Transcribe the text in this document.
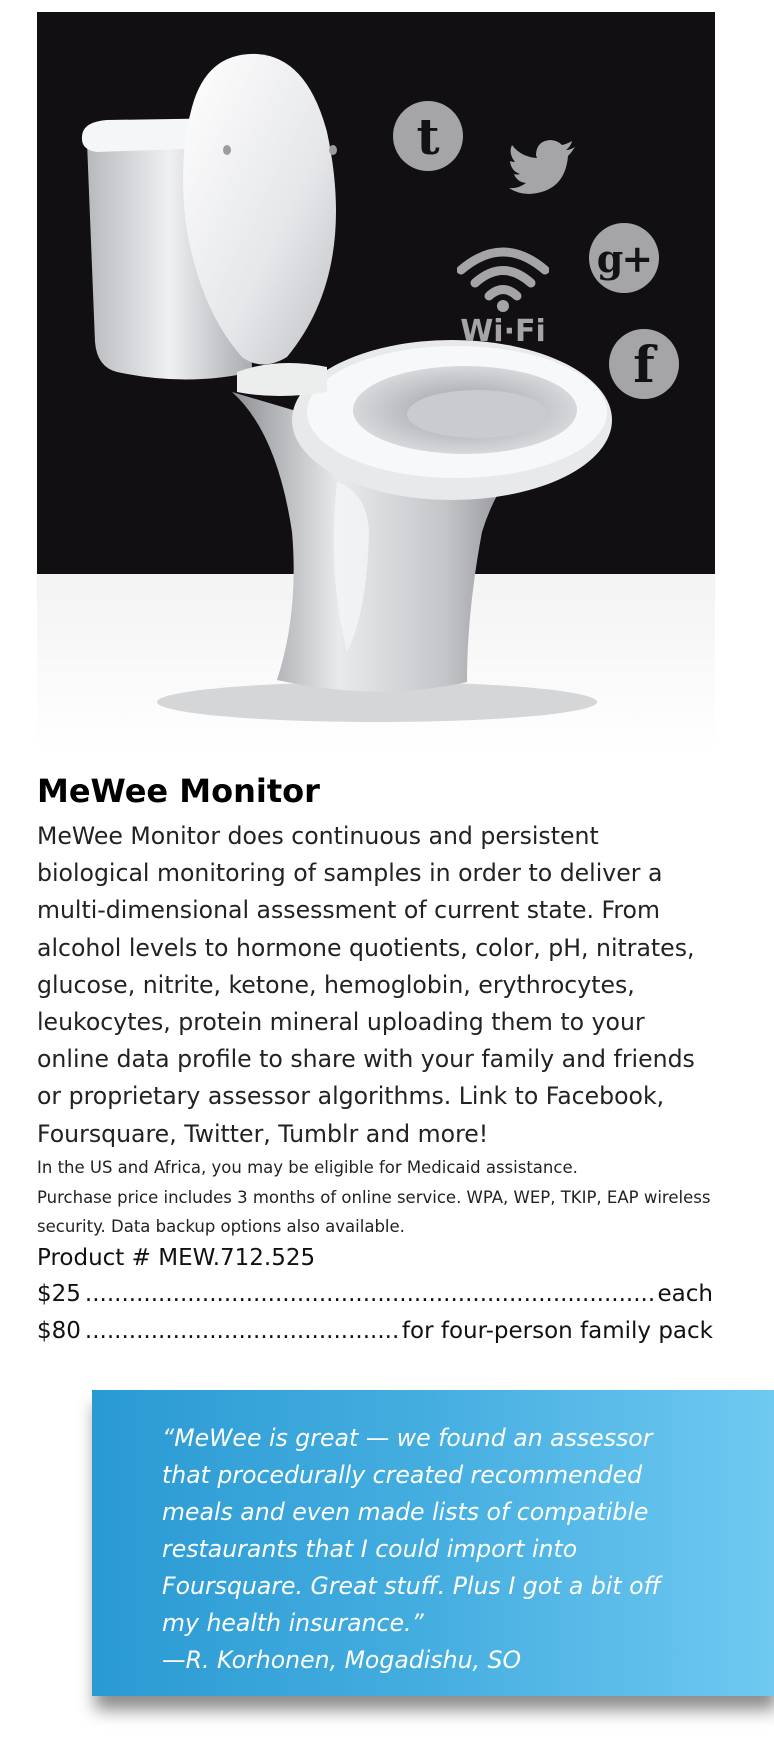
t
Wi·Fi
g+
f
MeWee Monitor

MeWee Monitor does continuous and persistent biological monitoring of samples in order to deliver a multi-dimensional assessment of current state. From alcohol levels to hormone quotients, color, pH, nitrates, glucose, nitrite, ketone, hemoglobin, erythrocytes, leukocytes, protein mineral uploading them to your online data profile to share with your family and friends or proprietary assessor algorithms. Link to Facebook, Foursquare, Twitter, Tumblr and more!

In the US and Africa, you may be eligible for Medicaid assistance.
Purchase price includes 3 months of online service. WPA, WEP, TKIP, EAP wireless security. Data backup options also available.
Product # MEW.712.525
$25 .....	each
$80 .....	for four-person family pack
“MeWee is great — we found an assessor
that procedurally created recommended
meals and even made lists of compatible
restaurants that I could import into
Foursquare. Great stuff. Plus I got a bit off
my health insurance.”
—R. Korhonen, Mogadishu, SO
